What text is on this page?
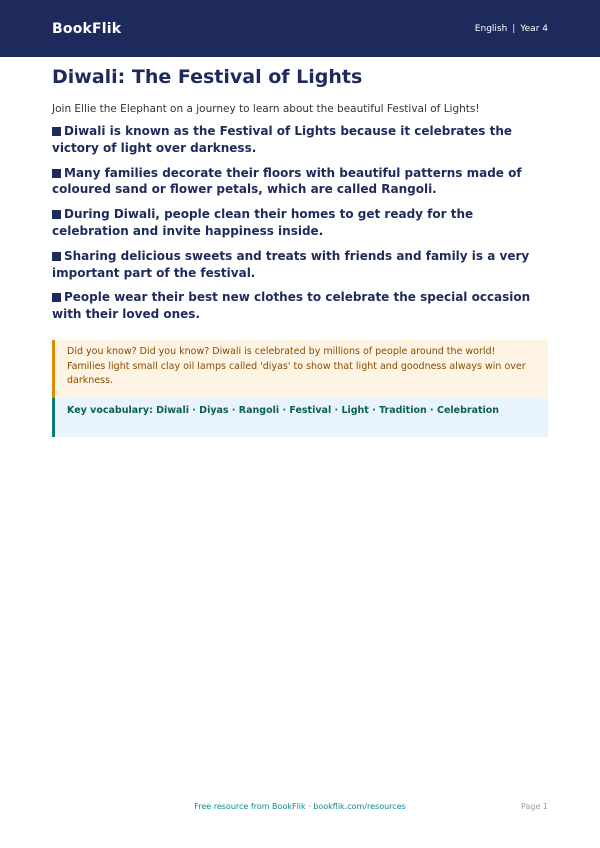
BookFlik	English | Year 4
Diwali: The Festival of Lights

Join Ellie the Elephant on a journey to learn about the beautiful Festival of Lights!

Diwali is known as the Festival of Lights because it celebrates the victory of light over darkness.
Many families decorate their floors with beautiful patterns made of coloured sand or flower petals, which are called Rangoli.
During Diwali, people clean their homes to get ready for the celebration and invite happiness inside.
Sharing delicious sweets and treats with friends and family is a very important part of the festival.
People wear their best new clothes to celebrate the special occasion with their loved ones.
Did you know? Did you know? Diwali is celebrated by millions of people around the world! Families light small clay oil lamps called 'diyas' to show that light and goodness always win over darkness.
Key vocabulary: Diwali · Diyas · Rangoli · Festival · Light · Tradition · Celebration
Free resource from BookFlik · bookflik.com/resources	Page 1
